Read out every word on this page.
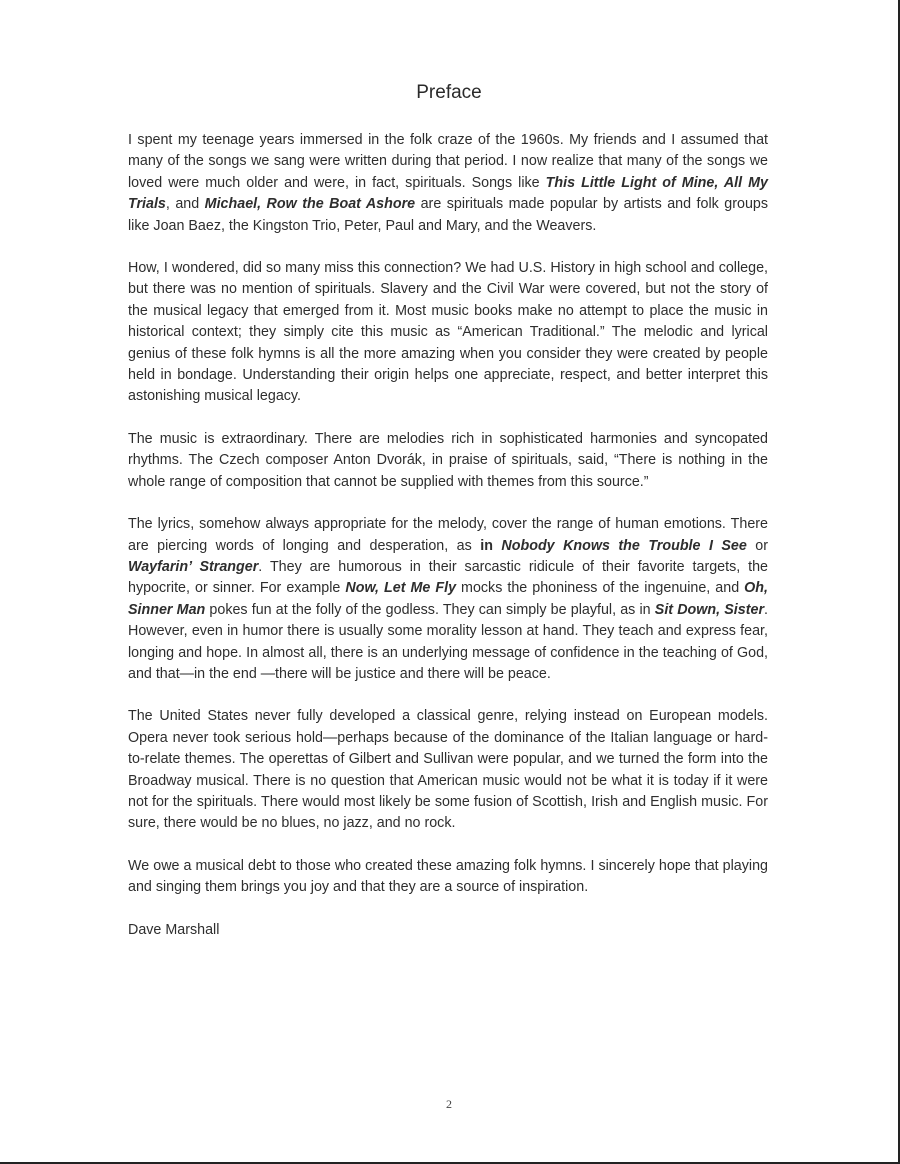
Preface

I spent my teenage years immersed in the folk craze of the 1960s. My friends and I assumed that many of the songs we sang were written during that period. I now realize that many of the songs we loved were much older and were, in fact, spirituals. Songs like This Little Light of Mine, All My Trials, and Michael, Row the Boat Ashore are spirituals made popular by artists and folk groups like Joan Baez, the Kingston Trio, Peter, Paul and Mary, and the Weavers.

How, I wondered, did so many miss this connection? We had U.S. History in high school and college, but there was no mention of spirituals. Slavery and the Civil War were covered, but not the story of the musical legacy that emerged from it. Most music books make no attempt to place the music in historical context; they simply cite this music as “American Traditional.” The melodic and lyrical genius of these folk hymns is all the more amazing when you consider they were created by people held in bondage. Understanding their origin helps one appreciate, respect, and better interpret this astonishing musical legacy.

The music is extraordinary. There are melodies rich in sophisticated harmonies and syncopated rhythms. The Czech composer Anton Dvorák, in praise of spirituals, said, “There is nothing in the whole range of composition that cannot be supplied with themes from this source.”

The lyrics, somehow always appropriate for the melody, cover the range of human emotions. There are piercing words of longing and desperation, as in Nobody Knows the Trouble I See or Wayfarin’ Stranger. They are humorous in their sarcastic ridicule of their favorite targets, the hypocrite, or sinner. For example Now, Let Me Fly mocks the phoniness of the ingenuine, and Oh, Sinner Man pokes fun at the folly of the godless. They can simply be playful, as in Sit Down, Sister. However, even in humor there is usually some morality lesson at hand. They teach and express fear, longing and hope. In almost all, there is an underlying message of confidence in the teaching of God, and that—in the end —there will be justice and there will be peace.

The United States never fully developed a classical genre, relying instead on European models. Opera never took serious hold—perhaps because of the dominance of the Italian language or hard-to-relate themes. The operettas of Gilbert and Sullivan were popular, and we turned the form into the Broadway musical. There is no question that American music would not be what it is today if it were not for the spirituals. There would most likely be some fusion of Scottish, Irish and English music. For sure, there would be no blues, no jazz, and no rock.

We owe a musical debt to those who created these amazing folk hymns. I sincerely hope that playing and singing them brings you joy and that they are a source of inspiration.

Dave Marshall

2
